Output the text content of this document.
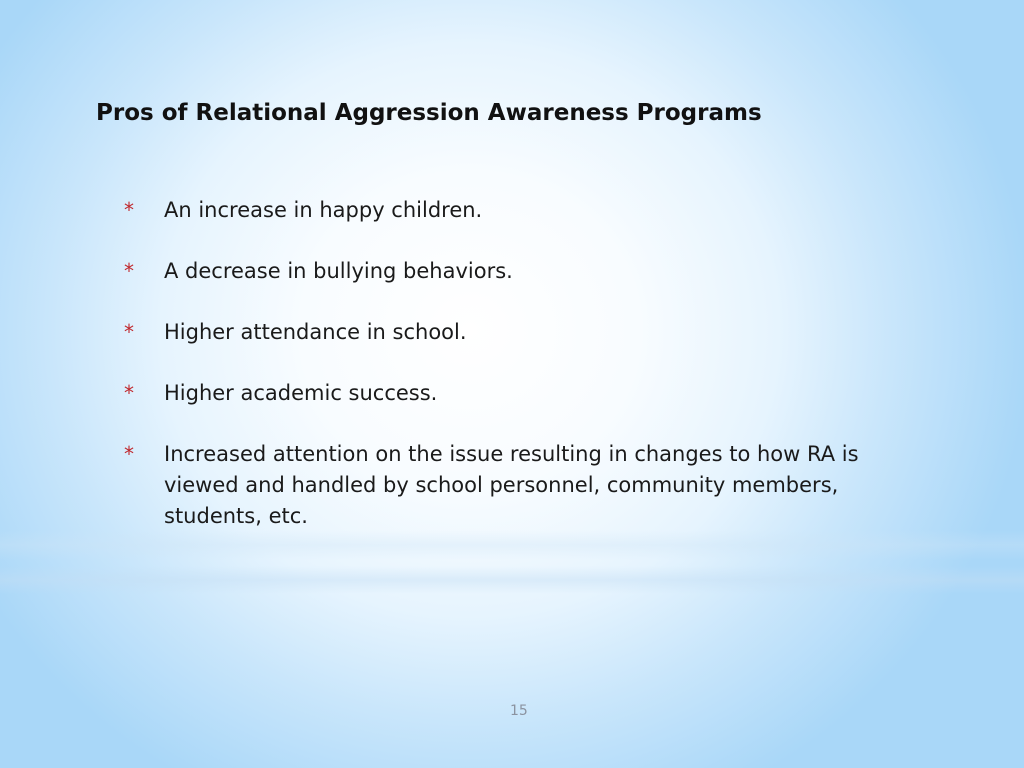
Pros of Relational Aggression Awareness Programs
*	An increase in happy children.
*	A decrease in bullying behaviors.
*	Higher attendance in school.
*	Higher academic success.
*	Increased attention on the issue resulting in changes to how RA is viewed and handled by school personnel, community members, students, etc.
15
